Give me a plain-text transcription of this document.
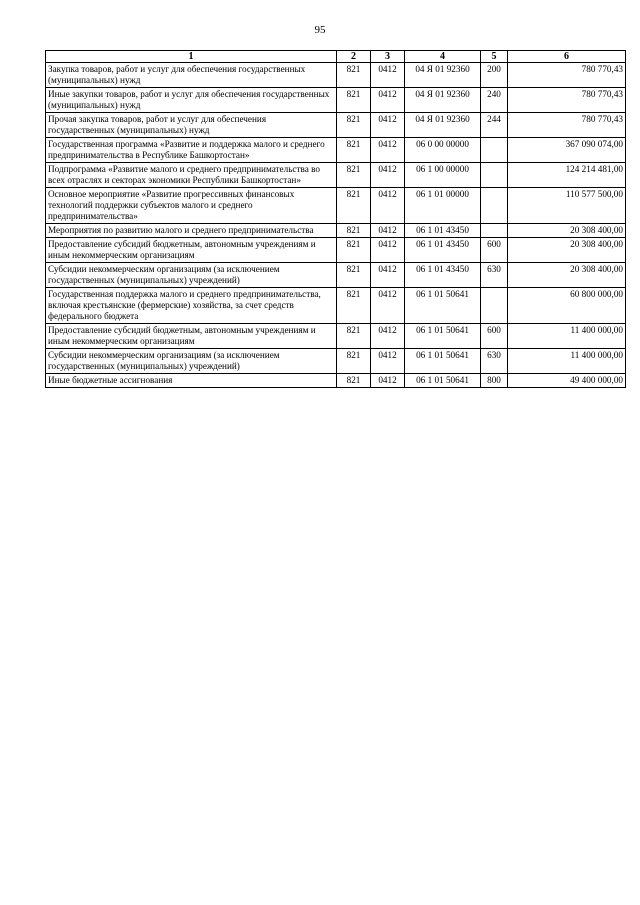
95
1	2	3	4	5	6
Закупка товаров, работ и услуг для обеспечения государственных (муниципальных) нужд	821	0412	04 Я 01 92360	200	780 770,43
Иные закупки товаров, работ и услуг для обеспечения государственных (муниципальных) нужд	821	0412	04 Я 01 92360	240	780 770,43
Прочая закупка товаров, работ и услуг для обеспечения государственных (муниципальных) нужд	821	0412	04 Я 01 92360	244	780 770,43
Государственная программа «Развитие и поддержка малого и среднего предпринимательства в Республике Башкортостан»	821	0412	06 0 00 00000		367 090 074,00
Подпрограмма «Развитие малого и среднего предпринимательства во всех отраслях и секторах экономики Республики Башкортостан»	821	0412	06 1 00 00000		124 214 481,00
Основное мероприятие «Развитие прогрессивных финансовых технологий поддержки субъектов малого и среднего предпринимательства»	821	0412	06 1 01 00000		110 577 500,00
Мероприятия по развитию малого и среднего предпринимательства	821	0412	06 1 01 43450		20 308 400,00
Предоставление субсидий бюджетным, автономным учреждениям и иным некоммерческим организациям	821	0412	06 1 01 43450	600	20 308 400,00
Субсидии некоммерческим организациям (за исключением государственных (муниципальных) учреждений)	821	0412	06 1 01 43450	630	20 308 400,00
Государственная поддержка малого и среднего предпринимательства, включая крестьянские (фермерские) хозяйства, за счет средств федерального бюджета	821	0412	06 1 01 50641		60 800 000,00
Предоставление субсидий бюджетным, автономным учреждениям и иным некоммерческим организациям	821	0412	06 1 01 50641	600	11 400 000,00
Субсидии некоммерческим организациям (за исключением государственных (муниципальных) учреждений)	821	0412	06 1 01 50641	630	11 400 000,00
Иные бюджетные ассигнования	821	0412	06 1 01 50641	800	49 400 000,00
